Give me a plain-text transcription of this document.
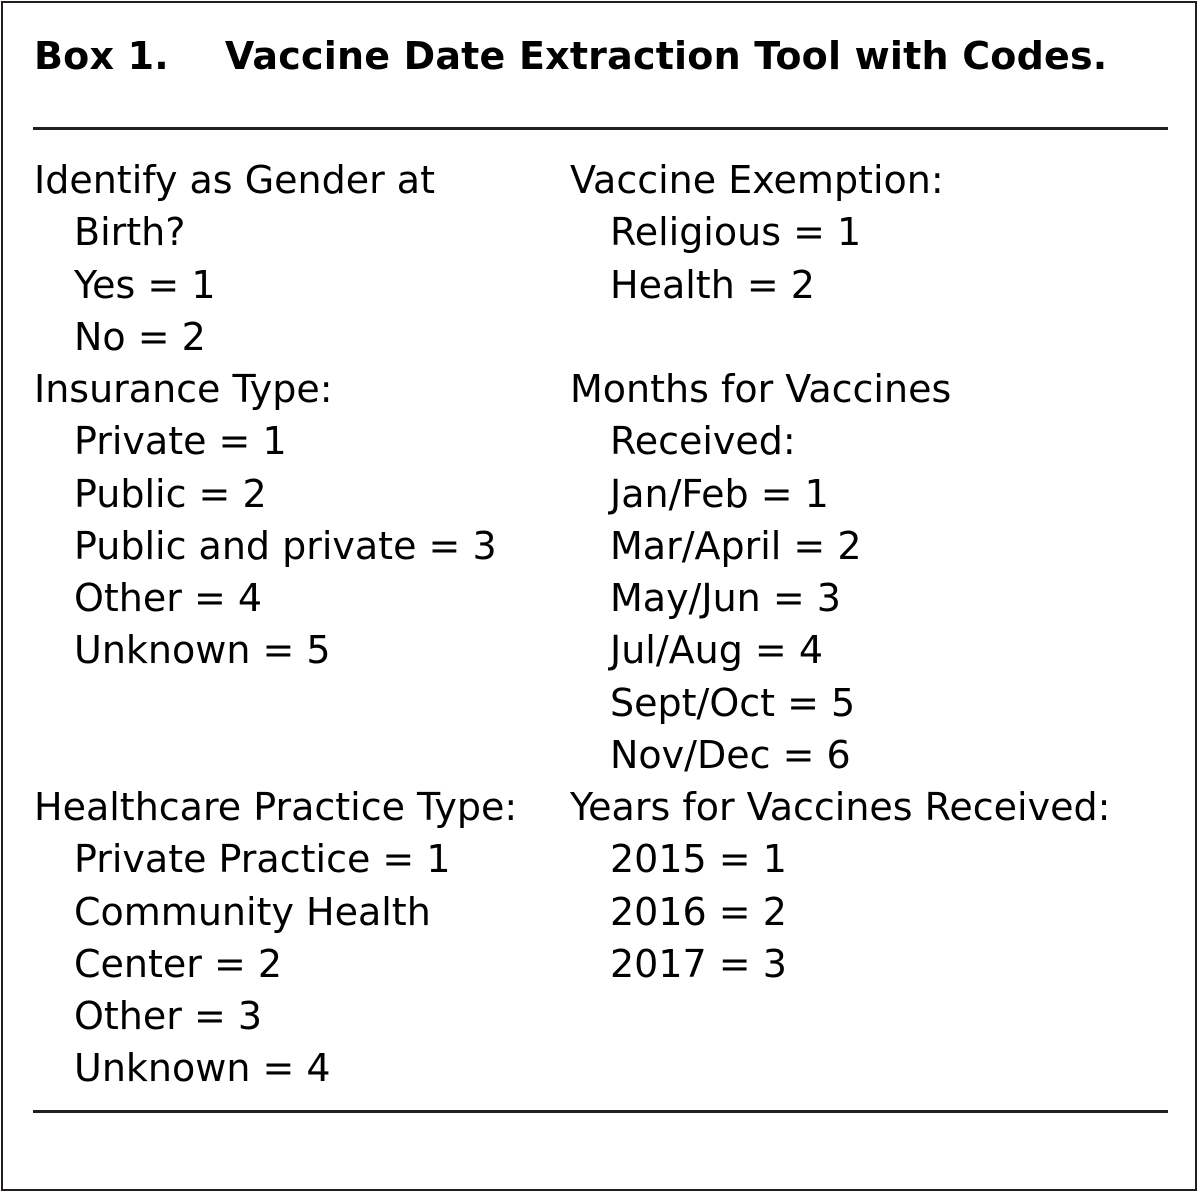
Box 1. Vaccine Date Extraction Tool with Codes.
Identify as Gender at
Birth?
Yes = 1
No = 2
Insurance Type:
Private = 1
Public = 2
Public and private = 3
Other = 4
Unknown = 5
Healthcare Practice Type:
Private Practice = 1
Community Health
Center = 2
Other = 3
Unknown = 4
Vaccine Exemption:
Religious = 1
Health = 2
Months for Vaccines
Received:
Jan/Feb = 1
Mar/April = 2
May/Jun = 3
Jul/Aug = 4
Sept/Oct = 5
Nov/Dec = 6
Years for Vaccines Received:
2015 = 1
2016 = 2
2017 = 3
